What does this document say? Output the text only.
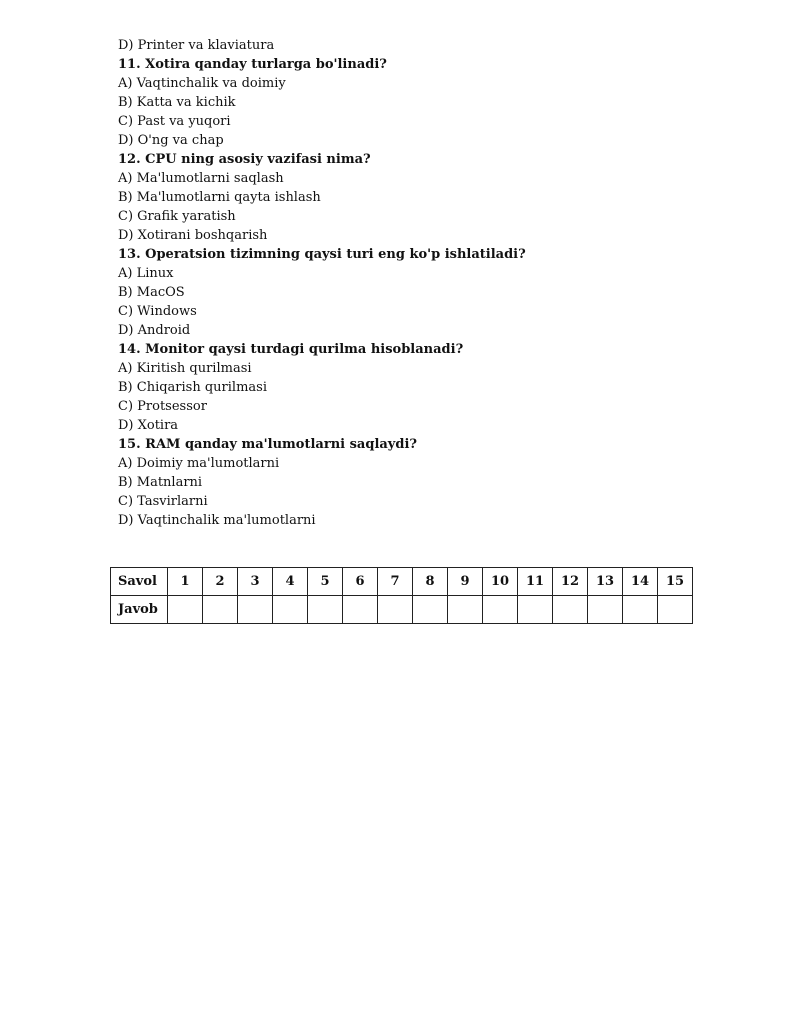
D) Printer va klaviatura
11. Xotira qanday turlarga bo'linadi?
A) Vaqtinchalik va doimiy
B) Katta va kichik
C) Past va yuqori
D) O'ng va chap
12. CPU ning asosiy vazifasi nima?
A) Ma'lumotlarni saqlash
B) Ma'lumotlarni qayta ishlash
C) Grafik yaratish
D) Xotirani boshqarish
13. Operatsion tizimning qaysi turi eng ko'p ishlatiladi?
A) Linux
B) MacOS
C) Windows
D) Android
14. Monitor qaysi turdagi qurilma hisoblanadi?
A) Kiritish qurilmasi
B) Chiqarish qurilmasi
C) Protsessor
D) Xotira
15. RAM qanday ma'lumotlarni saqlaydi?
A) Doimiy ma'lumotlarni
B) Matnlarni
C) Tasvirlarni
D) Vaqtinchalik ma'lumotlarni
Savol	1	2	3	4	5	6	7	8	9	10	11	12	13	14	15
Javob															
